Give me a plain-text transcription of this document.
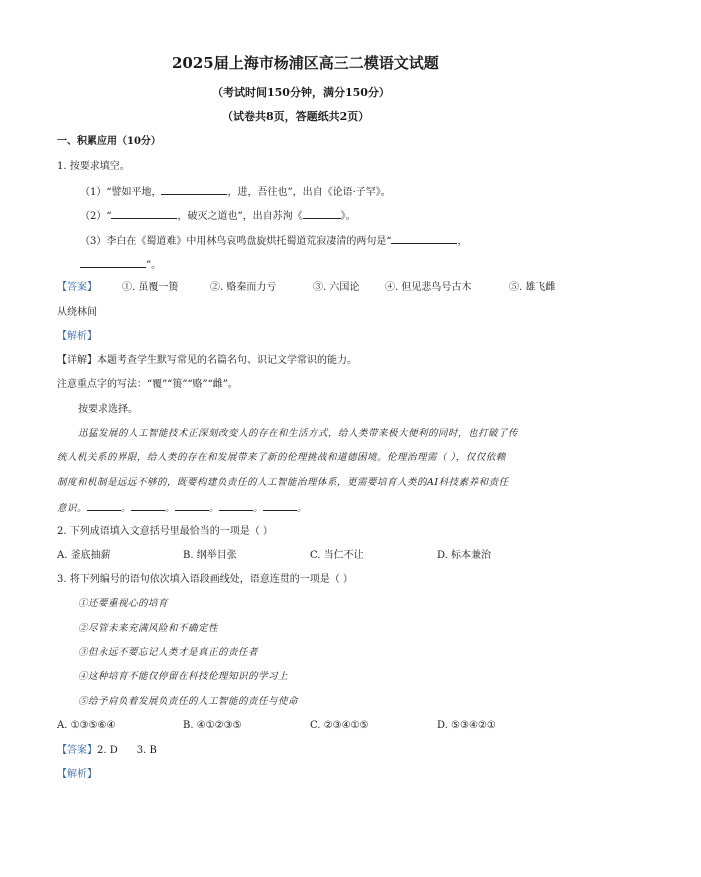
2025届上海市杨浦区高三二模语文试题
（考试时间150分钟，满分150分）
（试卷共8页，答题纸共2页）
一、积累应用（10分）
1. 按要求填空。
（1）“譬如平地，	，进，吾往也”，出自《论语·子罕》。
（2）“	，破灭之道也”，出自苏洵《	》。
（3）李白在《蜀道难》中用林鸟哀鸣盘旋烘托蜀道荒寂凄清的两句是“	，
”。
【答案】	①. 虽覆一篑	②. 赂秦而力亏	③. 六国论	④. 但见悲鸟号古木	⑤. 雄飞雌
从绕林间
【解析】
【详解】本题考查学生默写常见的名篇名句、识记文学常识的能力。
注意重点字的写法：“覆”“篑”“赂”“雌”。
按要求选择。
迅猛发展的人工智能技术正深刻改变人的存在和生活方式，给人类带来极大便利的同时，也打破了传
统人机关系的界限，给人类的存在和发展带来了新的伦理挑战和道德困境。伦理治理需（ ），仅仅依赖
制度和机制是远远不够的，既要构建负责任的人工智能治理体系，更需要培育人类的AI科技素养和责任
意识。	。	。	。	。	。
2. 下列成语填入文意括号里最恰当的一项是（ ）
A. 釜底抽薪	B. 纲举目张	C. 当仁不让	D. 标本兼治
3. 将下列编号的语句依次填入语段画线处，语意连贯的一项是（ ）
①还要重视心的培育
②尽管未来充满风险和不确定性
③但永远不要忘记人类才是真正的责任者
④这种培育不能仅停留在科技伦理知识的学习上
⑤给予肩负着发展负责任的人工智能的责任与使命
A. ①③⑤⑥④	B. ④①②③⑤	C. ②③④①⑤	D. ⑤③④②①
【答案】2. D      3. B
【解析】
